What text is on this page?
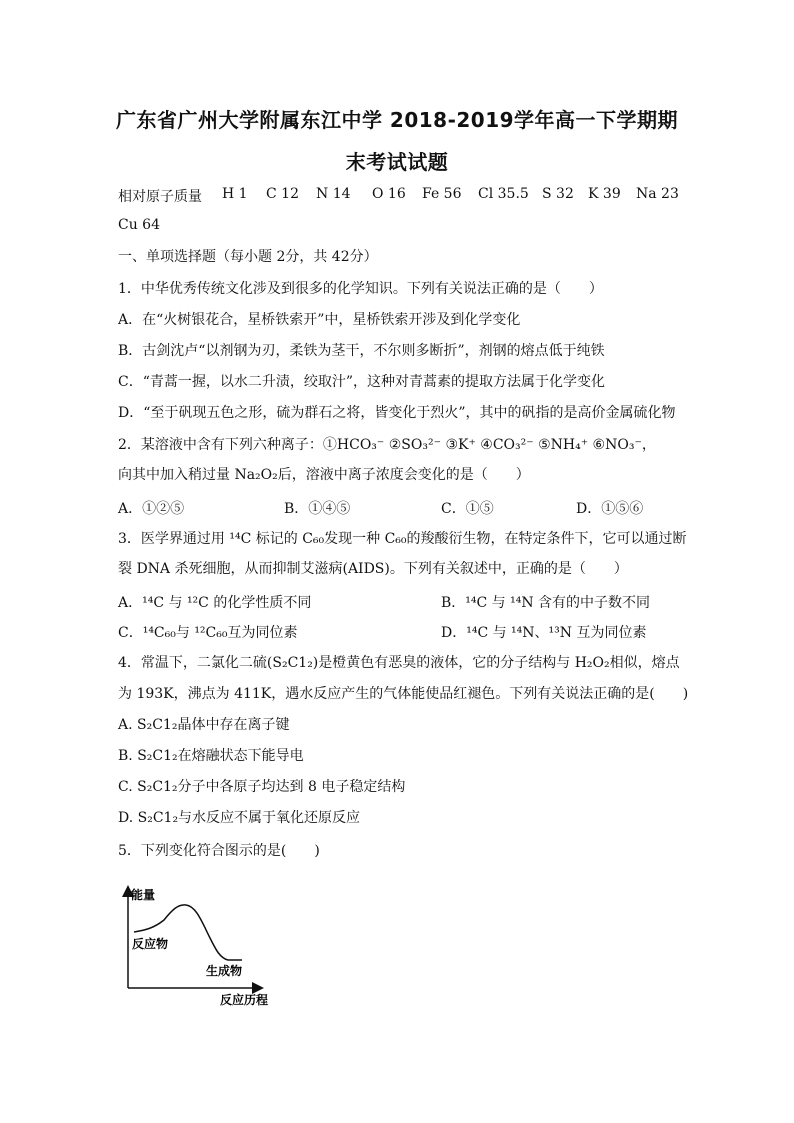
广东省广州大学附属东江中学 2018-2019学年高一下学期期
末考试试题
相对原子质量 H 1 C 12 N 14 O 16 Fe 56 Cl 35.5 S 32 K 39 Na 23
Cu 64
一、单项选择题（每小题 2分，共 42分）
1．中华优秀传统文化涉及到很多的化学知识。下列有关说法正确的是（　　）
A．在“火树银花合，星桥铁索开”中，星桥铁索开涉及到化学变化
B．古剑沈卢“以剂钢为刃，柔铁为茎干，不尔则多断折”，剂钢的熔点低于纯铁
C．“青蒿一握，以水二升渍，绞取汁”，这种对青蒿素的提取方法属于化学变化
D．“至于矾现五色之形，硫为群石之将，皆变化于烈火”，其中的矾指的是高价金属硫化物
2．某溶液中含有下列六种离子：①HCO₃⁻ ②SO₃²⁻ ③K⁺ ④CO₃²⁻ ⑤NH₄⁺ ⑥NO₃⁻，
向其中加入稍过量 Na₂O₂后，溶液中离子浓度会变化的是（　　）
A．①②⑤	B．①④⑤	C．①⑤	D．①⑤⑥
3．医学界通过用 ¹⁴C 标记的 C₆₀发现一种 C₆₀的羧酸衍生物，在特定条件下，它可以通过断
裂 DNA 杀死细胞，从而抑制艾滋病(AIDS)。下列有关叙述中，正确的是（　　）
A．¹⁴C 与 ¹²C 的化学性质不同	B．¹⁴C 与 ¹⁴N 含有的中子数不同
C．¹⁴C₆₀与 ¹²C₆₀互为同位素	D．¹⁴C 与 ¹⁴N、¹³N 互为同位素
4．常温下，二氯化二硫(S₂C1₂)是橙黄色有恶臭的液体，它的分子结构与 H₂O₂相似，熔点
为 193K，沸点为 411K，遇水反应产生的气体能使品红褪色。下列有关说法正确的是(　　)
A. S₂C1₂晶体中存在离子键
B. S₂C1₂在熔融状态下能导电
C. S₂C1₂分子中各原子均达到 8 电子稳定结构
D. S₂C1₂与水反应不属于氧化还原反应
5．下列变化符合图示的是(　　)
能量
反应物
生成物
反应历程
